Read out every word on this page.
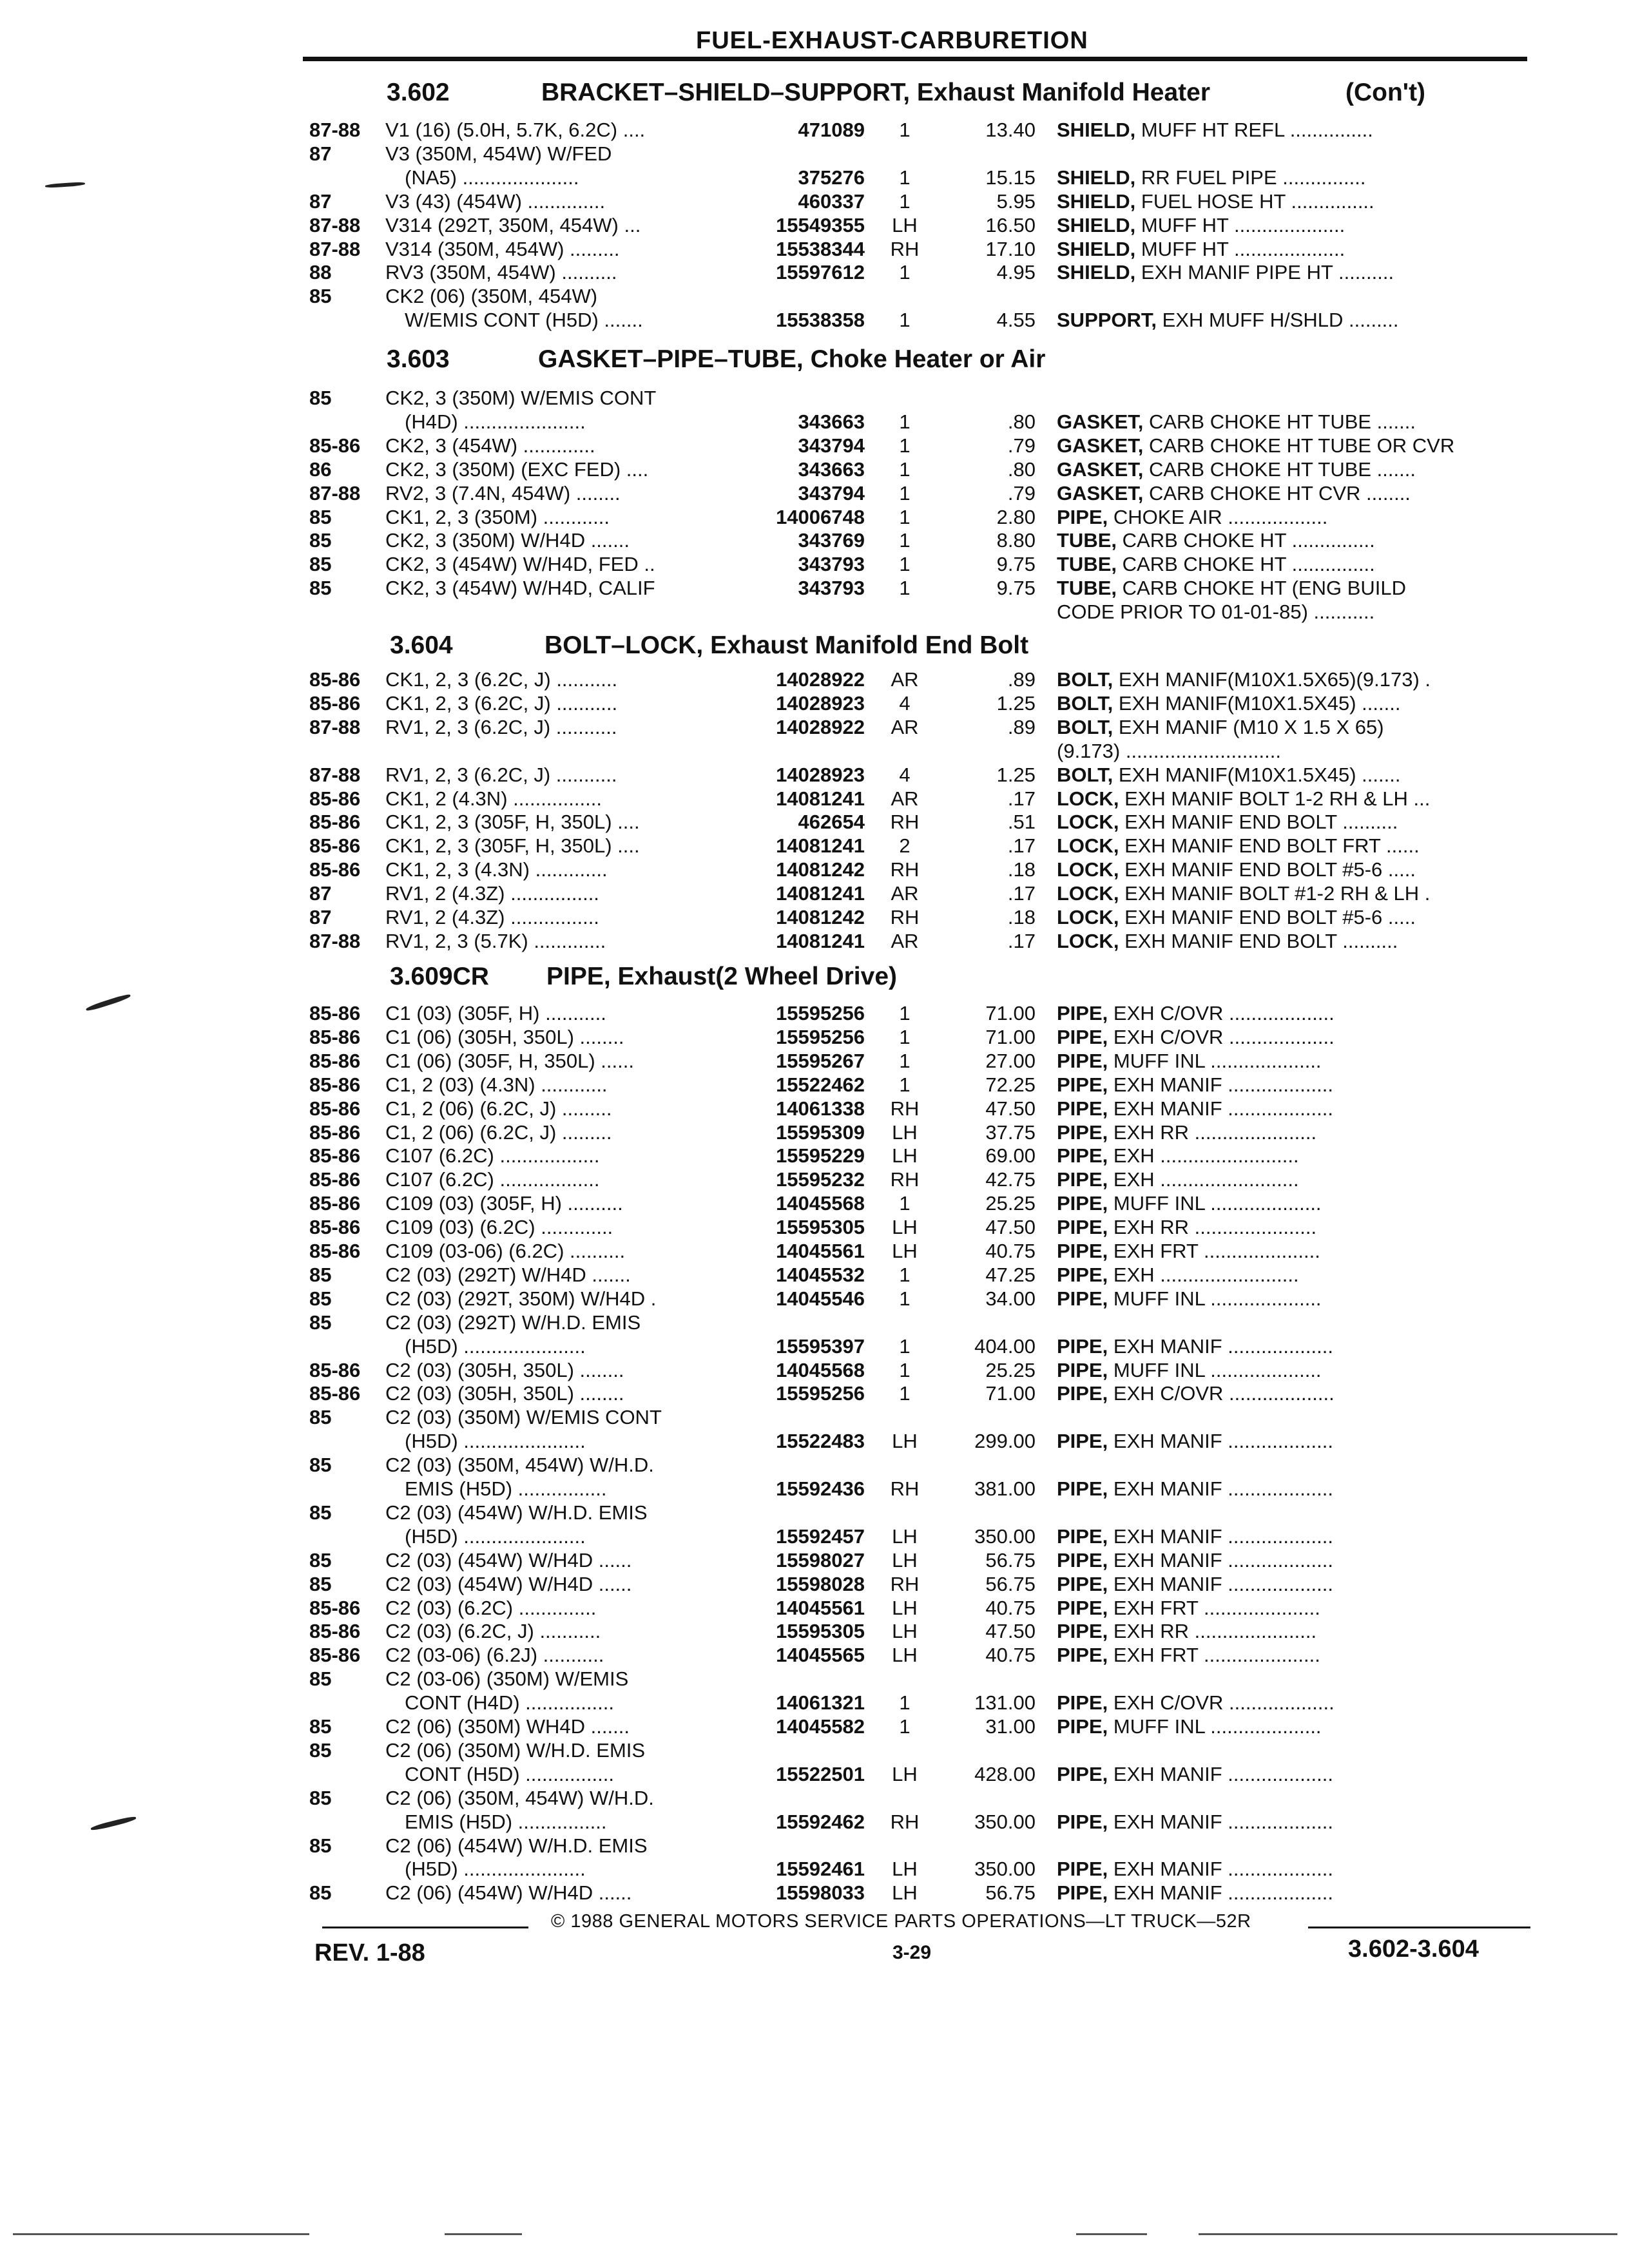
FUEL-EXHAUST-CARBURETION
3.602	BRACKET–SHIELD–SUPPORT, Exhaust Manifold Heater	(Con't)
87-88 V1 (16) (5.0H, 5.7K, 6.2C) ....	471089	1	13.40 SHIELD, MUFF HT REFL ...............
87	V3 (350M, 454W) W/FED
(NA5) .....................	375276	1	15.15 SHIELD, RR FUEL PIPE ...............
87	V3 (43) (454W) ..............	460337	1	5.95 SHIELD, FUEL HOSE HT ...............
87-88 V314 (292T, 350M, 454W) ...	15549355	LH	16.50 SHIELD, MUFF HT ....................
87-88 V314 (350M, 454W) .........	15538344	RH	17.10 SHIELD, MUFF HT ....................
88	RV3 (350M, 454W) ..........	15597612	1	4.95 SHIELD, EXH MANIF PIPE HT ..........
85	CK2 (06) (350M, 454W)
W/EMIS CONT (H5D) .......	15538358	1	4.55 SUPPORT, EXH MUFF H/SHLD .........
3.603	GASKET–PIPE–TUBE, Choke Heater or Air
85	CK2, 3 (350M) W/EMIS CONT
(H4D) ......................	343663	1	.80 GASKET, CARB CHOKE HT TUBE .......
85-86 CK2, 3 (454W) .............	343794	1	.79 GASKET, CARB CHOKE HT TUBE OR CVR
86	CK2, 3 (350M) (EXC FED) ....	343663	1	.80 GASKET, CARB CHOKE HT TUBE .......
87-88 RV2, 3 (7.4N, 454W) ........	343794	1	.79 GASKET, CARB CHOKE HT CVR ........
85	CK1, 2, 3 (350M) ............	14006748	1	2.80 PIPE, CHOKE AIR ..................
85	CK2, 3 (350M) W/H4D .......	343769	1	8.80 TUBE, CARB CHOKE HT ...............
85	CK2, 3 (454W) W/H4D, FED ..	343793	1	9.75 TUBE, CARB CHOKE HT ...............
85	CK2, 3 (454W) W/H4D, CALIF	343793	1	9.75 TUBE, CARB CHOKE HT (ENG BUILD
CODE PRIOR TO 01-01-85) ...........
3.604	BOLT–LOCK, Exhaust Manifold End Bolt
85-86 CK1, 2, 3 (6.2C, J) ...........	14028922	AR	.89 BOLT, EXH MANIF(M10X1.5X65)(9.173) .
85-86 CK1, 2, 3 (6.2C, J) ...........	14028923	4	1.25 BOLT, EXH MANIF(M10X1.5X45) .......
87-88 RV1, 2, 3 (6.2C, J) ...........	14028922	AR	.89 BOLT, EXH MANIF (M10 X 1.5 X 65)
(9.173) ............................
87-88 RV1, 2, 3 (6.2C, J) ...........	14028923	4	1.25 BOLT, EXH MANIF(M10X1.5X45) .......
85-86 CK1, 2 (4.3N) ................	14081241	AR	.17 LOCK, EXH MANIF BOLT 1-2 RH & LH ...
85-86 CK1, 2, 3 (305F, H, 350L) ....	462654	RH	.51 LOCK, EXH MANIF END BOLT ..........
85-86 CK1, 2, 3 (305F, H, 350L) ....	14081241	2	.17 LOCK, EXH MANIF END BOLT FRT ......
85-86 CK1, 2, 3 (4.3N) .............	14081242	RH	.18 LOCK, EXH MANIF END BOLT #5-6 .....
87	RV1, 2 (4.3Z) ................	14081241	AR	.17 LOCK, EXH MANIF BOLT #1-2 RH & LH .
87	RV1, 2 (4.3Z) ................	14081242	RH	.18 LOCK, EXH MANIF END BOLT #5-6 .....
87-88 RV1, 2, 3 (5.7K) .............	14081241	AR	.17 LOCK, EXH MANIF END BOLT ..........
3.609CR PIPE, Exhaust(2 Wheel Drive)
85-86 C1 (03) (305F, H) ...........	15595256	1	71.00 PIPE, EXH C/OVR ...................
85-86 C1 (06) (305H, 350L) ........	15595256	1	71.00 PIPE, EXH C/OVR ...................
85-86 C1 (06) (305F, H, 350L) ......	15595267	1	27.00 PIPE, MUFF INL ....................
85-86 C1, 2 (03) (4.3N) ............	15522462	1	72.25 PIPE, EXH MANIF ...................
85-86 C1, 2 (06) (6.2C, J) .........	14061338	RH	47.50 PIPE, EXH MANIF ...................
85-86 C1, 2 (06) (6.2C, J) .........	15595309	LH	37.75 PIPE, EXH RR ......................
85-86 C107 (6.2C) ..................	15595229	LH	69.00 PIPE, EXH .........................
85-86 C107 (6.2C) ..................	15595232	RH	42.75 PIPE, EXH .........................
85-86 C109 (03) (305F, H) ..........	14045568	1	25.25 PIPE, MUFF INL ....................
85-86 C109 (03) (6.2C) .............	15595305	LH	47.50 PIPE, EXH RR ......................
85-86 C109 (03-06) (6.2C) ..........	14045561	LH	40.75 PIPE, EXH FRT .....................
85	C2 (03) (292T) W/H4D .......	14045532	1	47.25 PIPE, EXH .........................
85	C2 (03) (292T, 350M) W/H4D .	14045546	1	34.00 PIPE, MUFF INL ....................
85	C2 (03) (292T) W/H.D. EMIS
(H5D) ......................	15595397	1	404.00 PIPE, EXH MANIF ...................
85-86 C2 (03) (305H, 350L) ........	14045568	1	25.25 PIPE, MUFF INL ....................
85-86 C2 (03) (305H, 350L) ........	15595256	1	71.00 PIPE, EXH C/OVR ...................
85	C2 (03) (350M) W/EMIS CONT
(H5D) ......................	15522483	LH	299.00 PIPE, EXH MANIF ...................
85	C2 (03) (350M, 454W) W/H.D.
EMIS (H5D) ................	15592436	RH	381.00 PIPE, EXH MANIF ...................
85	C2 (03) (454W) W/H.D. EMIS
(H5D) ......................	15592457	LH	350.00 PIPE, EXH MANIF ...................
85	C2 (03) (454W) W/H4D ......	15598027	LH	56.75 PIPE, EXH MANIF ...................
85	C2 (03) (454W) W/H4D ......	15598028	RH	56.75 PIPE, EXH MANIF ...................
85-86 C2 (03) (6.2C) ..............	14045561	LH	40.75 PIPE, EXH FRT .....................
85-86 C2 (03) (6.2C, J) ...........	15595305	LH	47.50 PIPE, EXH RR ......................
85-86 C2 (03-06) (6.2J) ...........	14045565	LH	40.75 PIPE, EXH FRT .....................
85	C2 (03-06) (350M) W/EMIS
CONT (H4D) ................	14061321	1	131.00 PIPE, EXH C/OVR ...................
85	C2 (06) (350M) WH4D .......	14045582	1	31.00 PIPE, MUFF INL ....................
85	C2 (06) (350M) W/H.D. EMIS
CONT (H5D) ................	15522501	LH	428.00 PIPE, EXH MANIF ...................
85	C2 (06) (350M, 454W) W/H.D.
EMIS (H5D) ................	15592462	RH	350.00 PIPE, EXH MANIF ...................
85	C2 (06) (454W) W/H.D. EMIS
(H5D) ......................	15592461	LH	350.00 PIPE, EXH MANIF ...................
85	C2 (06) (454W) W/H4D ......	15598033	LH	56.75 PIPE, EXH MANIF ...................
© 1988 GENERAL MOTORS SERVICE PARTS OPERATIONS—LT TRUCK—52R
REV. 1-88	3-29	3.602-3.604
